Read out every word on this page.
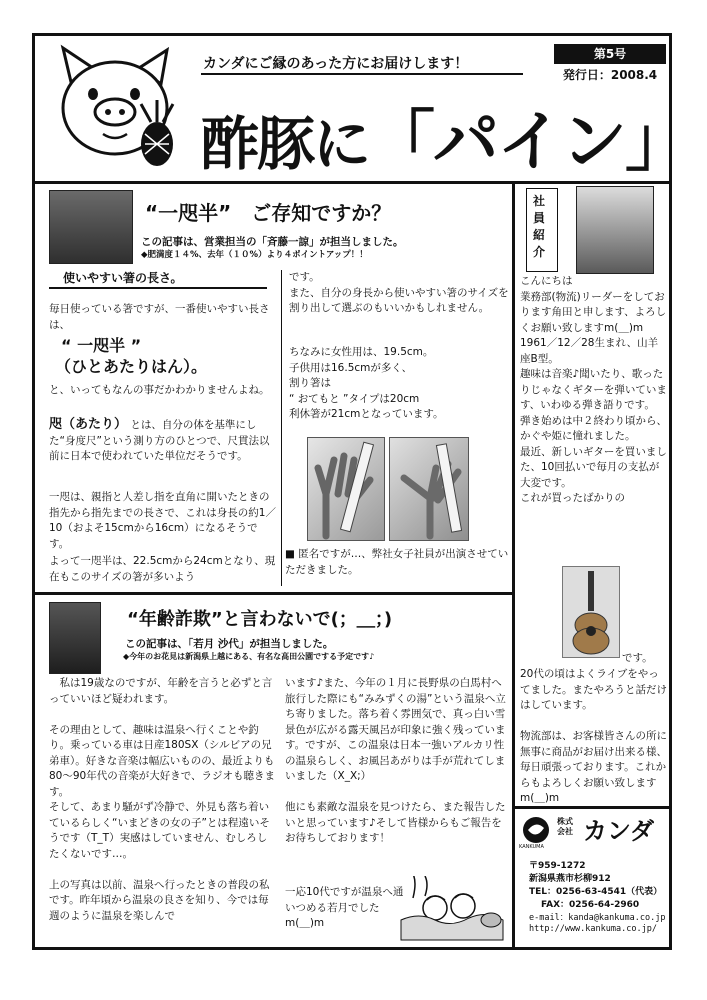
カンダにご縁のあった方にお届けします！
第5号
発行日：2008.4
酢豚に「パイン」
“一咫半”　ご存知ですか？
この記事は、営業担当の「斉藤一諒」が担当しました。
◆肥満度１４%、去年（１０%）より４ポイントアップ！！
使いやすい箸の長さ。
毎日使っている箸ですが、一番使いやすい長さは、
“ 一咫半 ”
（ひとあたりはん）。
と、いってもなんの事だかわかりませんよね。
咫（あたり） とは、自分の体を基準にした“身度尺”という測り方のひとつで、尺貫法以前に日本で使われていた単位だそうです。
一咫は、親指と人差し指を直角に開いたときの指先から指先までの長さで、これは身長の約1／10（およそ15cmから16cm）になるそうです。
よって一咫半は、22.5cmから24cmとなり、現在もこのサイズの箸が多いよう
です。
また、自分の身長から使いやすい箸のサイズを割り出して選ぶのもいいかもしれません。
ちなみに女性用は、19.5cm。
子供用は16.5cmが多く、
割り箸は
“ おてもと ”タイプは20cm
利休箸が21cmとなっています。
■ 匿名ですが…、弊社女子社員が出演させていただきました。
社員紹介
こんにちは
業務部(物流)リーダーをしております角田と申します、よろしくお願い致しますm(＿)m
1961／12／28生まれ、山羊座B型。
趣味は音楽♪聞いたり、歌ったりじゃなくギターを弾いています、いわゆる弾き語りです。
弾き始めは中２終わり頃から、かぐや姫に憧れました。
最近、新しいギターを買いました、10回払いで毎月の支払が大変です。
これが買ったばかりの
です。
20代の頃はよくライブをやってました。またやろうと話だけはしています。
物流部は、お客様皆さんの所に無事に商品がお届け出来る様、毎日頑張っております。これからもよろしくお願い致しますm(＿)m
KANKUMA
株式
会社 カンダ
〒959-1272
新潟県燕市杉柳912
TEL：0256-63-4541（代表）
FAX：0256-64-2960
e-mail：kanda@kankuma.co.jp
http://www.kankuma.co.jp/
“年齢詐欺”と言わないで(；＿；)
この記事は、「若月 沙代」が担当しました。
◆今年のお花見は新潟県上越にある、有名な高田公園でする予定です♪
　私は19歳なのですが、年齢を言うと必ずと言っていいほど疑われます。

その理由として、趣味は温泉へ行くことや釣り。乗っている車は日産180SX（シルビアの兄弟車）。好きな音楽は幅広いものの、最近よりも80～90年代の音楽が大好きで、ラジオも聴きます。
そして、あまり騒がず冷静で、外見も落ち着いているらしく“いまどきの女の子”とは程遠いそうです（T_T）実感はしていません、むしろしたくないです…。

上の写真は以前、温泉へ行ったときの普段の私です。昨年頃から温泉の良さを知り、今では毎週のように温泉を楽しんで
います♪また、今年の１月に長野県の白馬村へ旅行した際にも“みみずくの湯”という温泉へ立ち寄りました。落ち着く雰囲気で、真っ白い雪景色が広がる露天風呂が印象に強く残っています。ですが、この温泉は日本一強いアルカリ性の温泉らしく、お風呂あがりは手が荒れてしまいました（X_X;）

他にも素敵な温泉を見つけたら、また報告したいと思っています♪そして皆様からもご報告をお待ちしております！
一応10代ですが温泉へ通いつめる若月でしたm(＿)m
